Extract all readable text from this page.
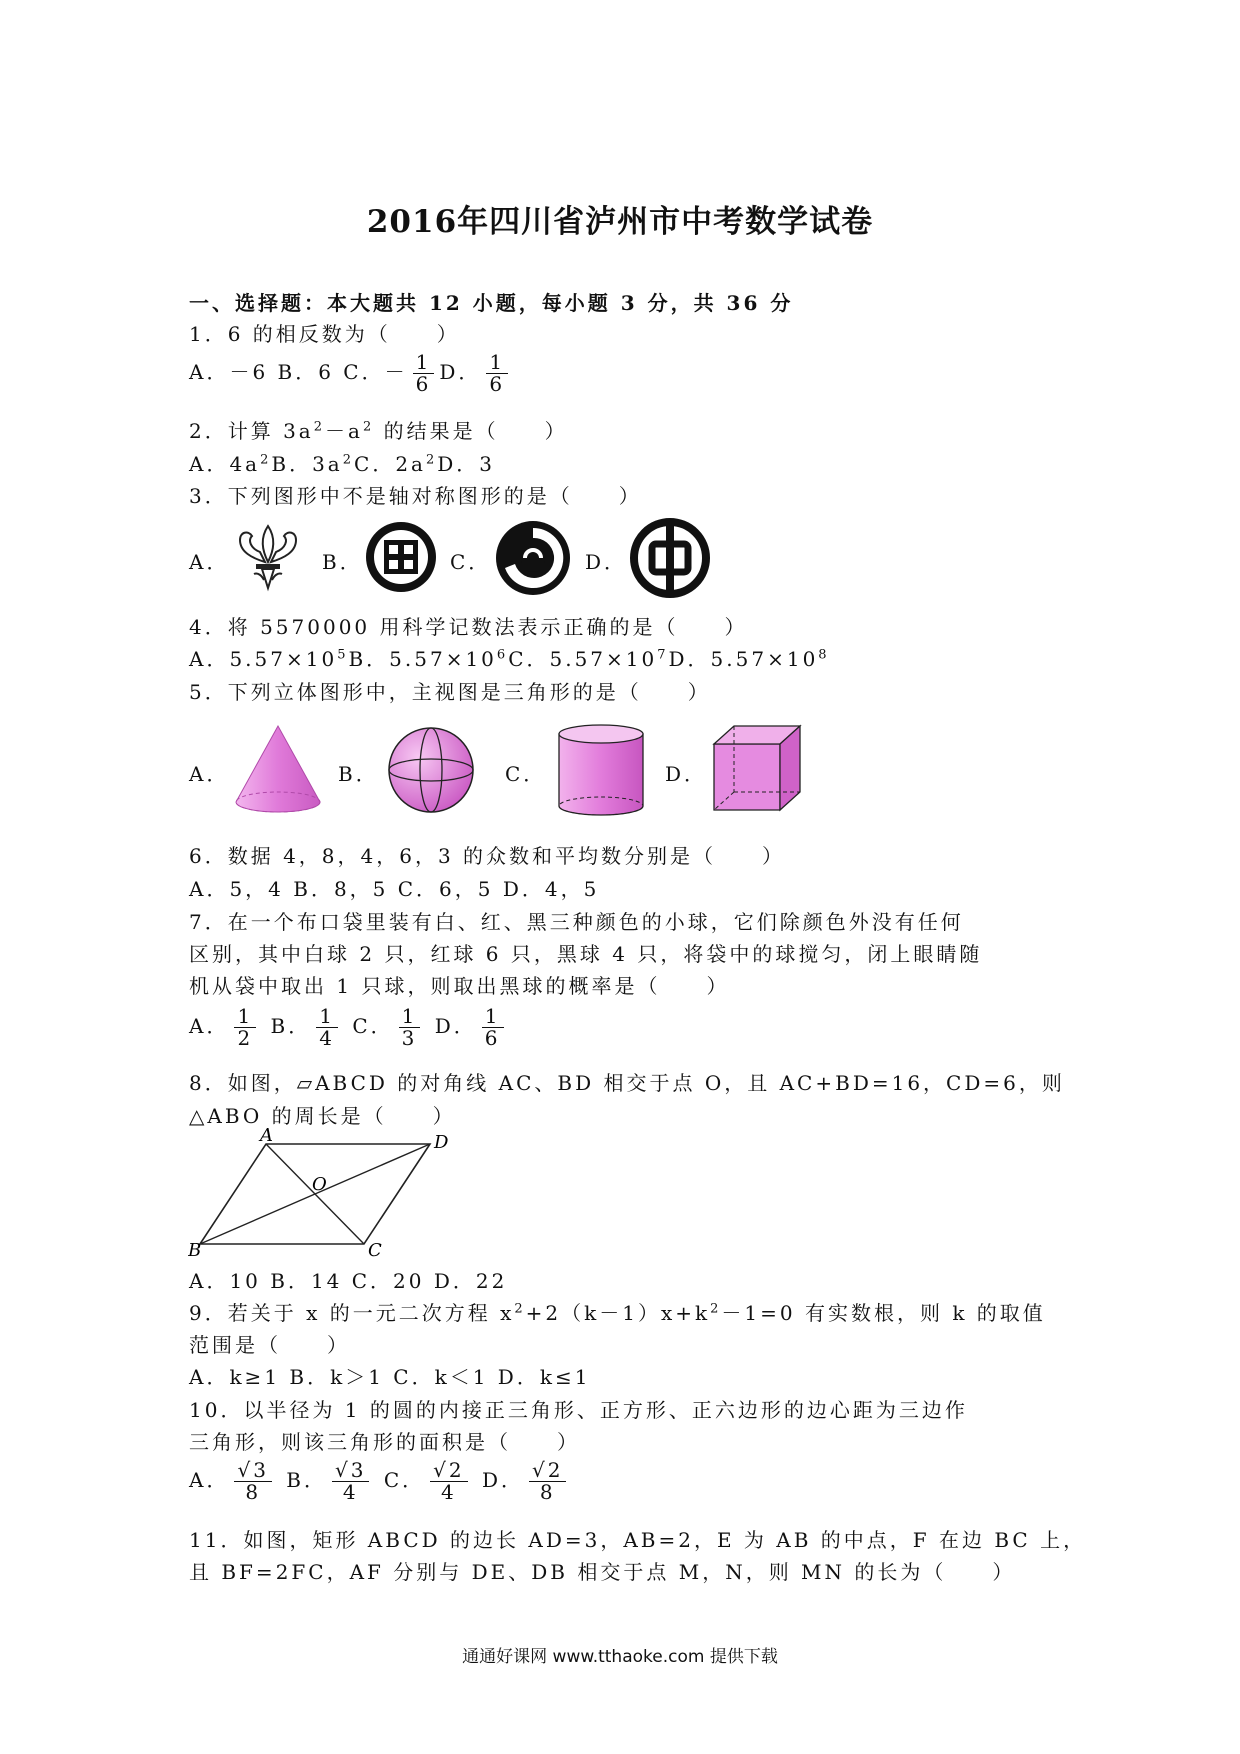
2016年四川省泸州市中考数学试卷
一、选择题：本大题共 12 小题，每小题 3 分，共 36 分
1．6 的相反数为（　　）
A．－6 B．6 C．－ $\frac{1}{6}$ D． $\frac{1}{6}$
2．计算 $3a^2-a^2$ 的结果是（　　）
A．$4a^2B$．$3a^2C$．$2a^2D$．3
3．下列图形中不是轴对称图形的是（　　）
A．	B．	C．	D．
4．将 5570000 用科学记数法表示正确的是（　　）
A．$5.57\times 10^5B$．$5.57\times 10^6C$．$5.57\times 10^7D$．$5.57\times 10^8$
5．下列立体图形中，主视图是三角形的是（　　）
A．	B．	C．	D．
6．数据 4，8，4，6，3 的众数和平均数分别是（　　）
A．5，4 B．8，5 C．6，5 D．4，5
7．在一个布口袋里装有白、红、黑三种颜色的小球，它们除颜色外没有任何
区别，其中白球 2 只，红球 6 只，黑球 4 只，将袋中的球搅匀，闭上眼睛随
机从袋中取出 1 只球，则取出黑球的概率是（　　）
A． $\frac{1}{2}$ B． $\frac{1}{4}$ C． $\frac{1}{3}$ D． $\frac{1}{6}$
8．如图，▱ABCD 的对角线 AC、BD 相交于点 O，且 AC+BD=16，CD=6，则
△ABO 的周长是（　　）
A	D
O
B	C
A．10 B．14 C．20 D．22
9．若关于 x 的一元二次方程 $x^2+2(k-1)x+k^2-1=0$ 有实数根，则 k 的取值
范围是（　　）
A．k≥1 B．k＞1 C．k＜1 D．k≤1
10．以半径为 1 的圆的内接正三角形、正方形、正六边形的边心距为三边作
三角形，则该三角形的面积是（　　）
A． $\frac{√3}{8}$ B． $\frac{√3}{4}$ C． $\frac{√2}{4}$ D． $\frac{√2}{8}$
11．如图，矩形 ABCD 的边长 AD=3，AB=2，E 为 AB 的中点，F 在边 BC 上，
且 BF=2FC，AF 分别与 DE、DB 相交于点 M，N，则 MN 的长为（　　）
通通好课网 www.tthaoke.com 提供下载
